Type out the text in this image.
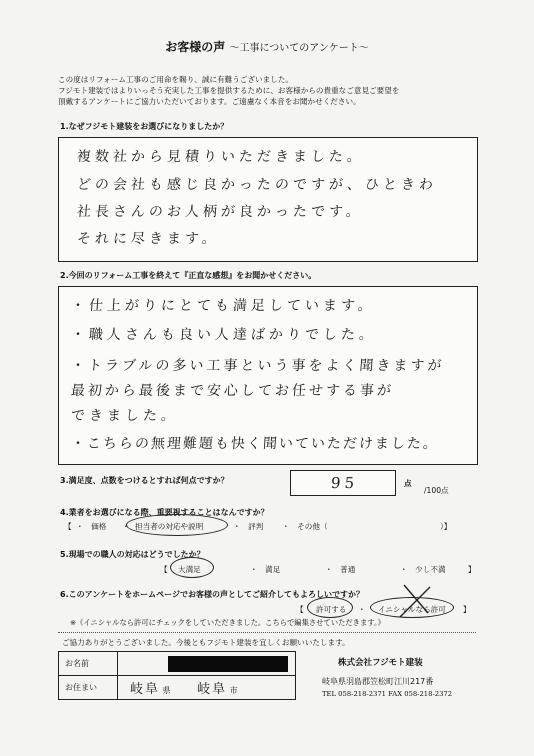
お客様の声 〜工事についてのアンケート〜
この度はリフォーム工事のご用命を賜り、誠に有難うございました。
フジモト建装ではよりいっそう充実した工事を提供するために、お客様からの貴重なご意見ご要望を
頂戴するアンケートにご協力いただいております。ご遠慮なく本音をお聞かせください。
1.なぜフジモト建装をお選びになりましたか？
複数社から見積りいただきました。
どの会社も感じ良かったのですが、ひときわ
社長さんのお人柄が良かったです。
それに尽きます。
2.今回のリフォーム工事を終えて『正直な感想』をお聞かせください。
・仕上がりにとても満足しています。
・職人さんも良い人達ばかりでした。
・トラブルの多い工事という事をよく聞きますが
最初から最後まで安心してお任せする事が
できました。
・こちらの無理難題も快く聞いていただけました。
3.満足度、点数をつけるとすれば何点ですか？	95	点
/100点
4.業者をお選びになる際、重要視することはなんですか？
【 ・　価格 ・ 担当者の対応や説明	・　評判 ・　その他（	）】
5.現場での職人の対応はどうでしたか？
【 大満足	・　満足	・　普通	・　少し不満	】
6.このアンケートをホームページでお客様の声としてご紹介してもよろしいですか？
【 許可する ・ イニシャルなら許可 】
※《イニシャルなら許可にチェックをしていただきました。こちらで編集させていただきます。》
ご協力ありがとうございました。今後ともフジモト建装を宜しくお願いいたします。
お名前	

お住まい	岐阜 県 岐阜 市
株式会社フジモト建装
岐阜県羽島郡笠松町江川217番
TEL 058-218-2371 FAX 058-218-2372
